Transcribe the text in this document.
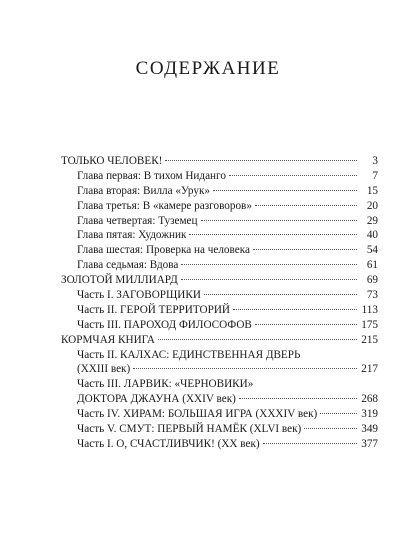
СОДЕРЖАНИЕ
ТОЛЬКО ЧЕЛОВЕК!	3
Глава первая: В тихом Ниданго	7
Глава вторая: Вилла «Урук»	15
Глава третья: В «камере разговоров»	20
Глава четвертая: Туземец	29
Глава пятая: Художник	40
Глава шестая: Проверка на человека	54
Глава седьмая: Вдова	61
ЗОЛОТОЙ МИЛЛИАРД	69
Часть I. ЗАГОВОРЩИКИ	73
Часть II. ГЕРОЙ ТЕРРИТОРИЙ	113
Часть III. ПАРОХОД ФИЛОСОФОВ	175
КОРМЧАЯ КНИГА	215
Часть II. КАЛХАС: ЕДИНСТВЕННАЯ ДВЕРЬ
(XXIII век)	217
Часть III. ЛАРВИК: «ЧЕРНОВИКИ»
ДОКТОРА ДЖАУНА (XXIV век)	268
Часть IV. ХИРАМ: БОЛЬШАЯ ИГРА (XXXIV век)	319
Часть V. СМУТ: ПЕРВЫЙ НАМЁК (XLVI век)	349
Часть I. О, СЧАСТЛИВЧИК! (XX век)	377
